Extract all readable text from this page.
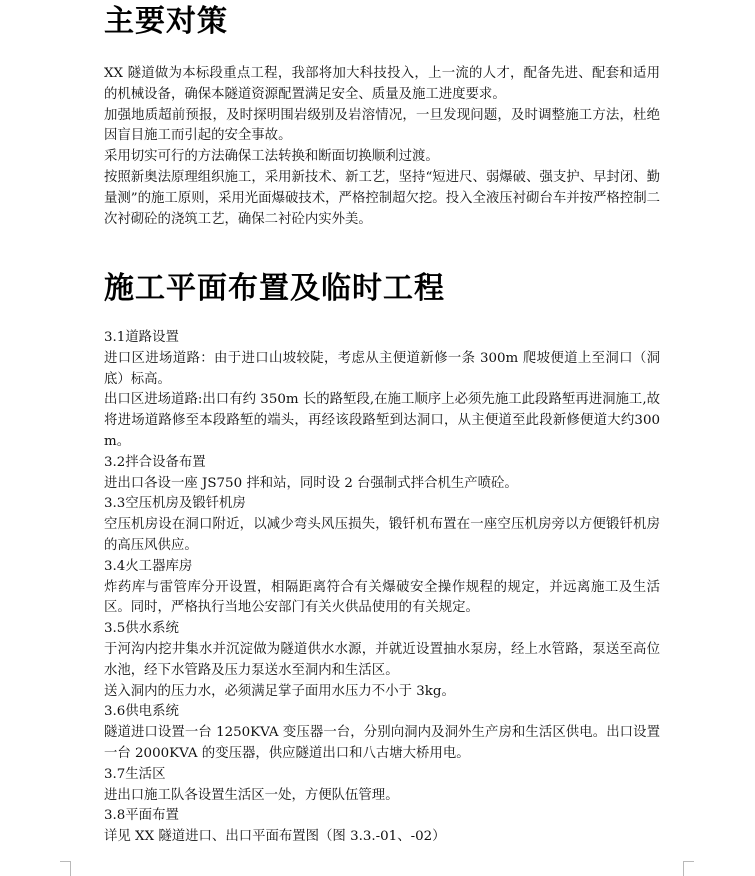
主要对策

XX 隧道做为本标段重点工程，我部将加大科技投入，上一流的人才，配备先进、配套和适用的机械设备，确保本隧道资源配置满足安全、质量及施工进度要求。

加强地质超前预报，及时探明围岩级别及岩溶情况，一旦发现问题，及时调整施工方法，杜绝因盲目施工而引起的安全事故。

采用切实可行的方法确保工法转换和断面切换顺利过渡。

按照新奥法原理组织施工，采用新技术、新工艺，坚持“短进尺、弱爆破、强支护、早封闭、勤量测”的施工原则，采用光面爆破技术，严格控制超欠挖。投入全液压衬砌台车并按严格控制二次衬砌砼的浇筑工艺，确保二衬砼内实外美。

施工平面布置及临时工程

3.1道路设置

进口区进场道路：由于进口山坡较陡，考虑从主便道新修一条 300m 爬坡便道上至洞口（洞底）标高。

出口区进场道路:出口有约 350m 长的路堑段,在施工顺序上必须先施工此段路堑再进洞施工,故将进场道路修至本段路堑的端头，再经该段路堑到达洞口，从主便道至此段新修便道大约300m。

3.2拌合设备布置

进出口各设一座 JS750 拌和站，同时设 2 台强制式拌合机生产喷砼。

3.3空压机房及锻钎机房

空压机房设在洞口附近，以减少弯头风压损失，锻钎机布置在一座空压机房旁以方便锻钎机房的高压风供应。

3.4火工器库房

炸药库与雷管库分开设置，相隔距离符合有关爆破安全操作规程的规定，并远离施工及生活区。同时，严格执行当地公安部门有关火供品使用的有关规定。

3.5供水系统

于河沟内挖井集水并沉淀做为隧道供水水源，并就近设置抽水泵房，经上水管路，泵送至高位水池，经下水管路及压力泵送水至洞内和生活区。

送入洞内的压力水，必须满足掌子面用水压力不小于 3kg。

3.6供电系统

隧道进口设置一台 1250KVA 变压器一台，分别向洞内及洞外生产房和生活区供电。出口设置一台 2000KVA 的变压器，供应隧道出口和八古塘大桥用电。

3.7生活区

进出口施工队各设置生活区一处，方便队伍管理。

3.8平面布置

详见 XX 隧道进口、出口平面布置图（图 3.3.-01、-02）
